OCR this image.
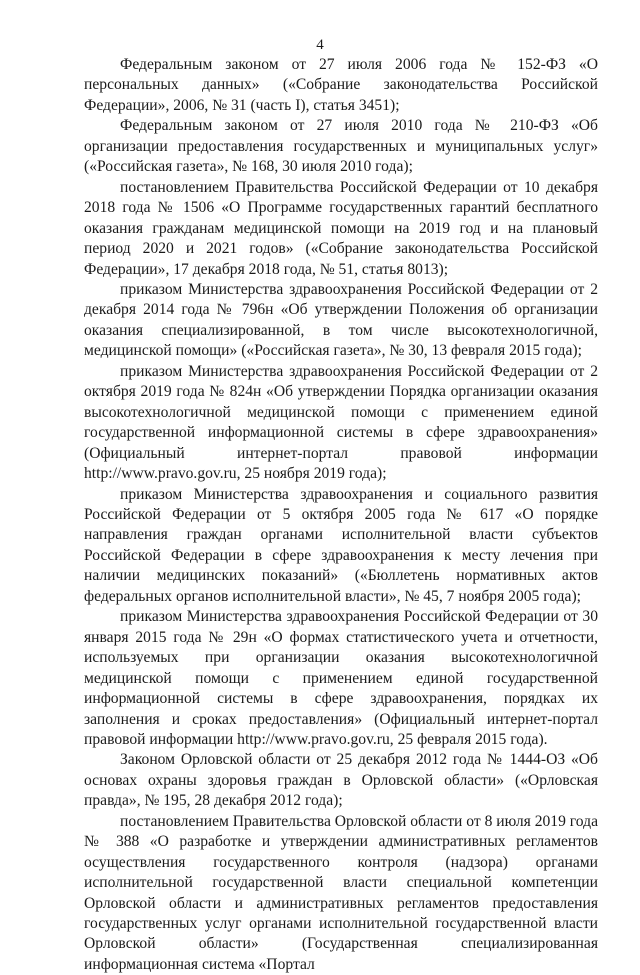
4

Федеральным законом от 27 июля 2006 года № 152-ФЗ «О персональных данных» («Собрание законодательства Российской Федерации», 2006, № 31 (часть I), статья 3451);

Федеральным законом от 27 июля 2010 года № 210-ФЗ «Об организации предоставления государственных и муниципальных услуг» («Российская газета», № 168, 30 июля 2010 года);

постановлением Правительства Российской Федерации от 10 декабря 2018 года № 1506 «О Программе государственных гарантий бесплатного оказания гражданам медицинской помощи на 2019 год и на плановый период 2020 и 2021 годов» («Собрание законодательства Российской Федерации», 17 декабря 2018 года, № 51, статья 8013);

приказом Министерства здравоохранения Российской Федерации от 2 декабря 2014 года № 796н «Об утверждении Положения об организации оказания специализированной, в том числе высокотехнологичной, медицинской помощи» («Российская газета», № 30, 13 февраля 2015 года);

приказом Министерства здравоохранения Российской Федерации от 2 октября 2019 года № 824н «Об утверждении Порядка организации оказания высокотехнологичной медицинской помощи с применением единой государственной информационной системы в сфере здравоохранения» (Официальный интернет-портал правовой информации http://www.pravo.gov.ru, 25 ноября 2019 года);

приказом Министерства здравоохранения и социального развития Российской Федерации от 5 октября 2005 года № 617 «О порядке направления граждан органами исполнительной власти субъектов Российской Федерации в сфере здравоохранения к месту лечения при наличии медицинских показаний» («Бюллетень нормативных актов федеральных органов исполнительной власти», № 45, 7 ноября 2005 года);

приказом Министерства здравоохранения Российской Федерации от 30 января 2015 года № 29н «О формах статистического учета и отчетности, используемых при организации оказания высокотехнологичной медицинской помощи с применением единой государственной информационной системы в сфере здравоохранения, порядках их заполнения и сроках предоставления» (Официальный интернет-портал правовой информации http://www.pravo.gov.ru, 25 февраля 2015 года).

Законом Орловской области от 25 декабря 2012 года № 1444-ОЗ «Об основах охраны здоровья граждан в Орловской области» («Орловская правда», № 195, 28 декабря 2012 года);

постановлением Правительства Орловской области от 8 июля 2019 года № 388 «О разработке и утверждении административных регламентов осуществления государственного контроля (надзора) органами исполнительной государственной власти специальной компетенции Орловской области и административных регламентов предоставления государственных услуг органами исполнительной государственной власти Орловской области» (Государственная специализированная информационная система «Портал
